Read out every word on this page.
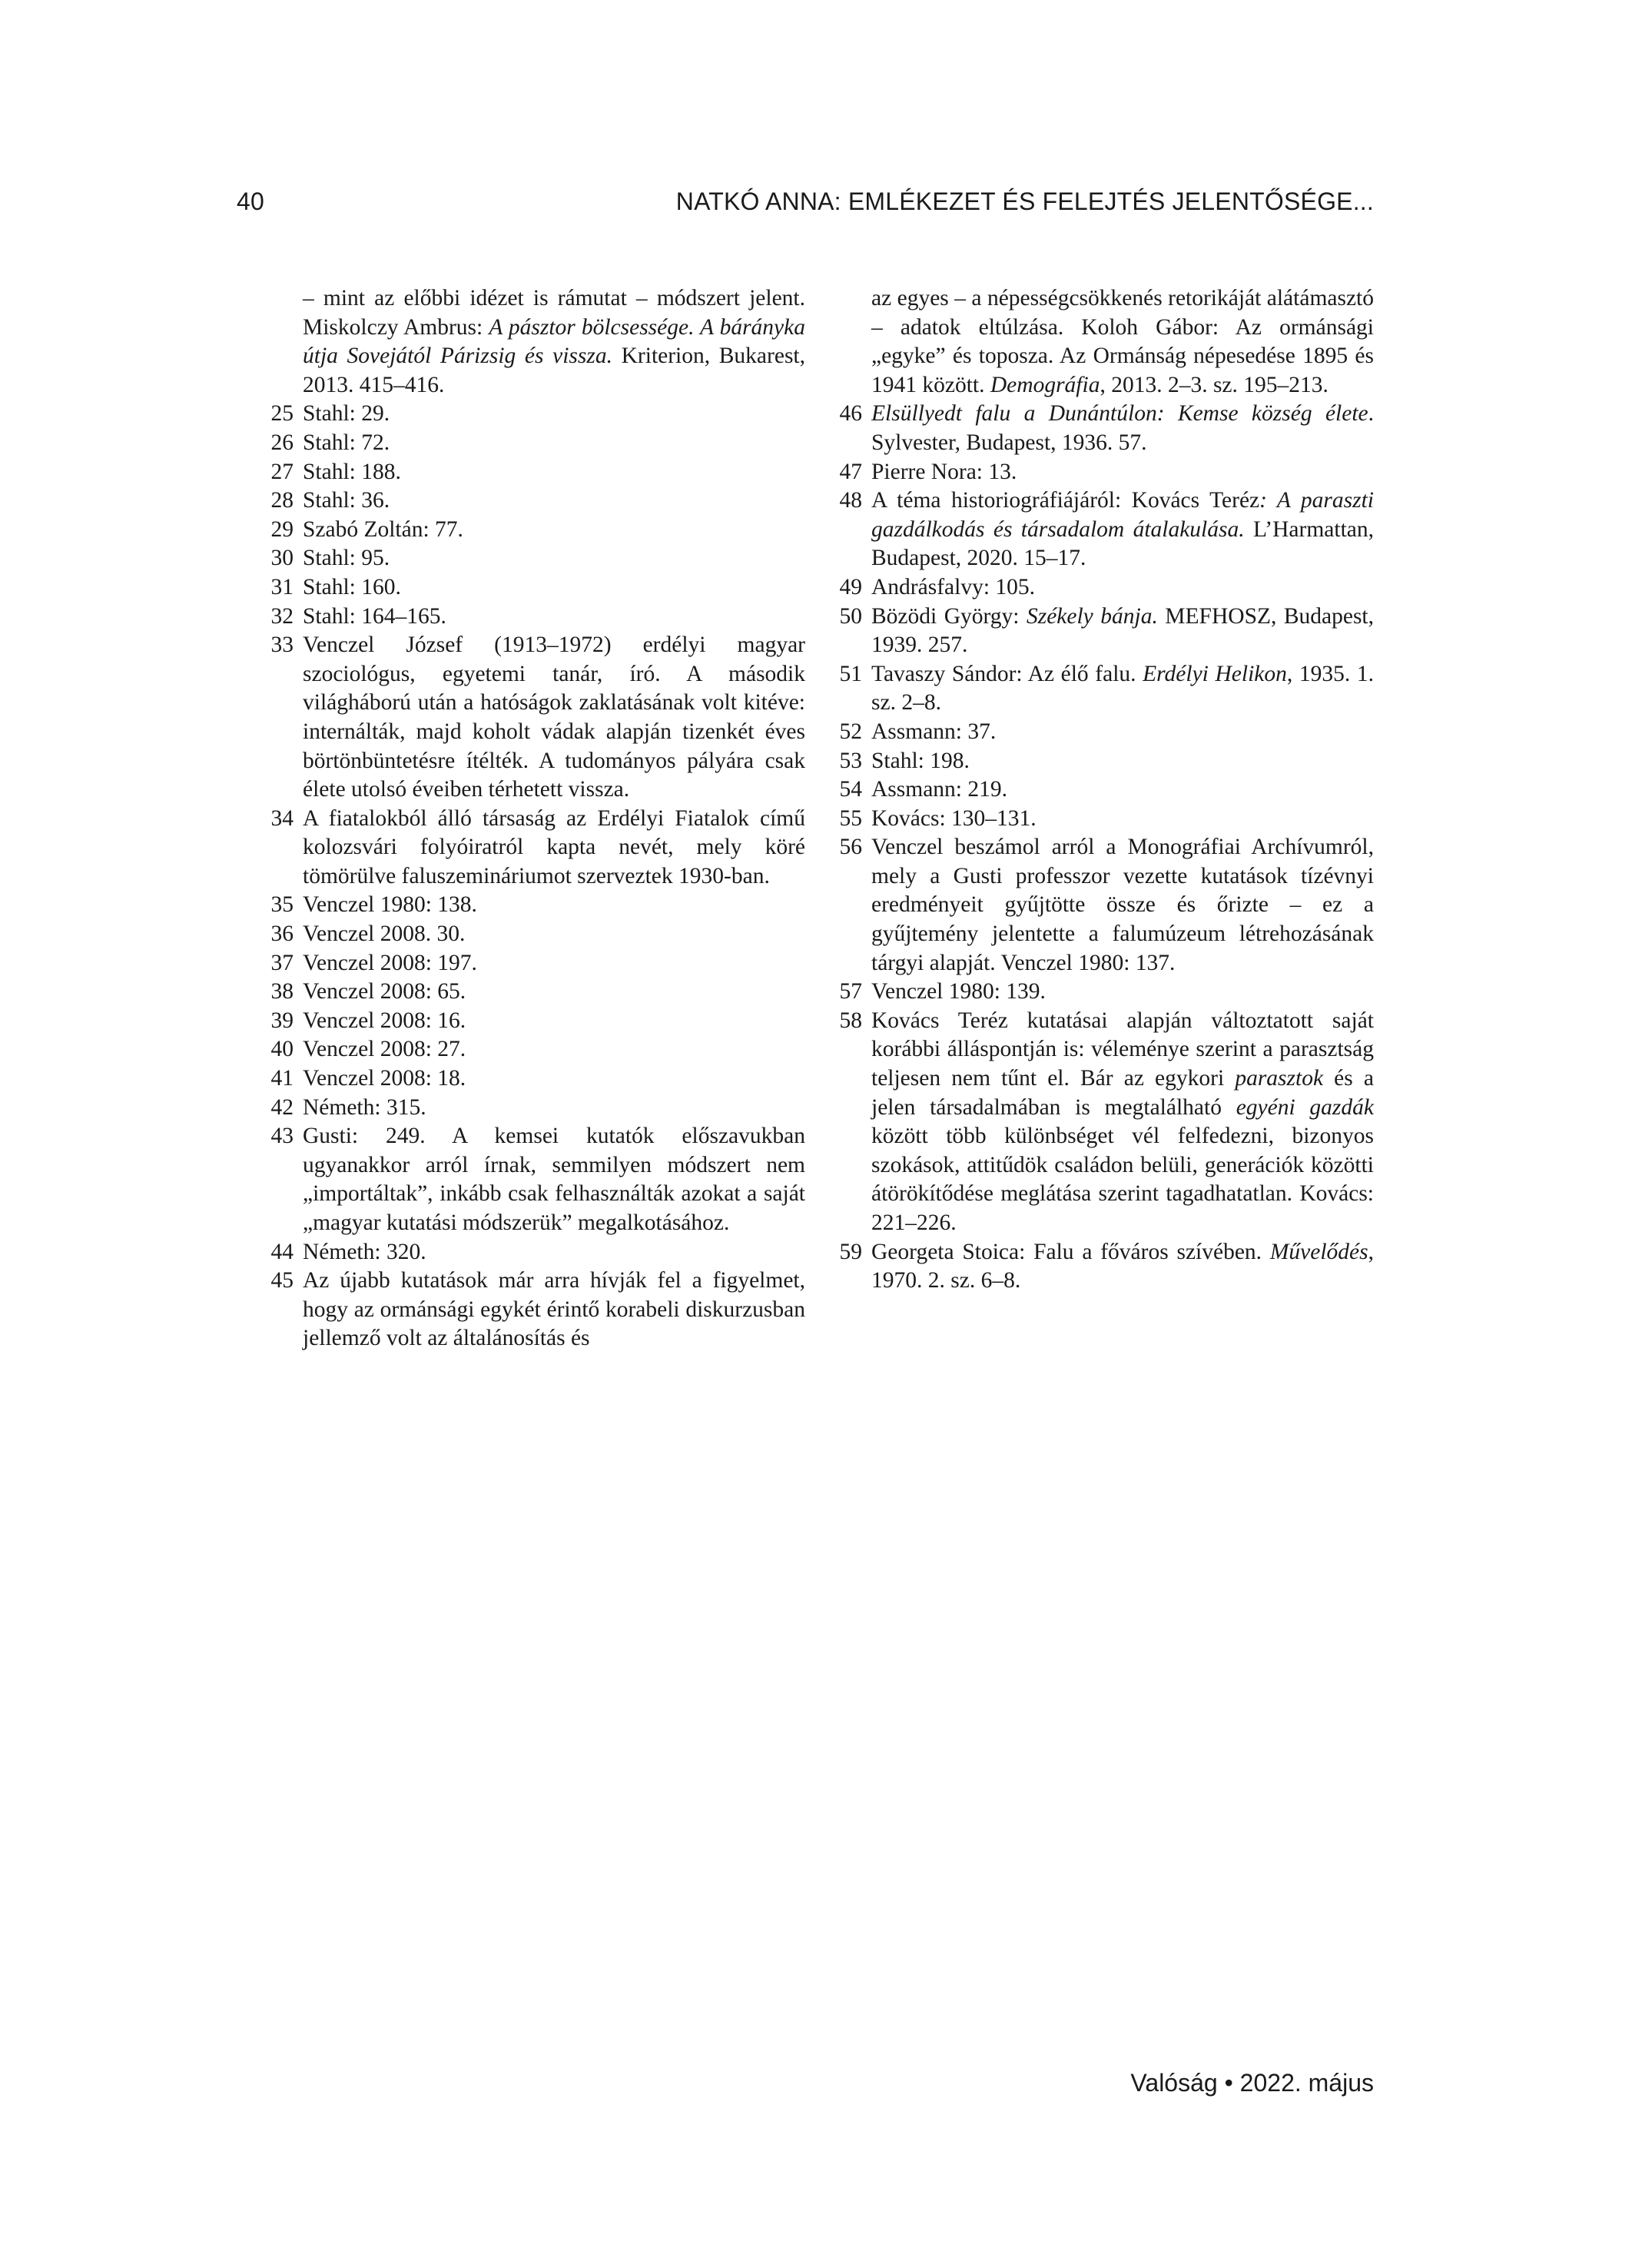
40	NATKÓ ANNA: EMLÉKEZET ÉS FELEJTÉS JELENTŐSÉGE...
– mint az előbbi idézet is rámutat – módszert jelent. Miskolczy Ambrus: A pásztor bölcsessége. A bárányka útja Sovejától Párizsig és vissza. Kriterion, Bukarest, 2013. 415–416.
25 Stahl: 29.
26 Stahl: 72.
27 Stahl: 188.
28 Stahl: 36.
29 Szabó Zoltán: 77.
30 Stahl: 95.
31 Stahl: 160.
32 Stahl: 164–165.
33 Venczel József (1913–1972) erdélyi magyar szociológus, egyetemi tanár, író. A második világháború után a hatóságok zaklatásának volt kitéve: internálták, majd koholt vádak alapján tizenkét éves börtönbüntetésre ítélték. A tudományos pályára csak élete utolsó éveiben térhetett vissza.
34 A fiatalokból álló társaság az Erdélyi Fiatalok című kolozsvári folyóiratról kapta nevét, mely köré tömörülve faluszemináriumot szerveztek 1930-ban.
35 Venczel 1980: 138.
36 Venczel 2008. 30.
37 Venczel 2008: 197.
38 Venczel 2008: 65.
39 Venczel 2008: 16.
40 Venczel 2008: 27.
41 Venczel 2008: 18.
42 Németh: 315.
43 Gusti: 249. A kemsei kutatók előszavukban ugyanakkor arról írnak, semmilyen módszert nem „importáltak”, inkább csak felhasználták azokat a saját „magyar kutatási módszerük” megalkotásához.
44 Németh: 320.
45 Az újabb kutatások már arra hívják fel a figyelmet, hogy az ormánsági egykét érintő korabeli diskurzusban jellemző volt az általánosítás és
az egyes – a népességcsökkenés retorikáját alátámasztó – adatok eltúlzása. Koloh Gábor: Az ormánsági „egyke” és toposza. Az Ormánság népesedése 1895 és 1941 között. Demográfia, 2013. 2–3. sz. 195–213.
46 Elsüllyedt falu a Dunántúlon: Kemse község élete. Sylvester, Budapest, 1936. 57.
47 Pierre Nora: 13.
48 A téma historiográfiájáról: Kovács Teréz: A paraszti gazdálkodás és társadalom átalakulása. L’Harmattan, Budapest, 2020. 15–17.
49 Andrásfalvy: 105.
50 Bözödi György: Székely bánja. MEFHOSZ, Budapest, 1939. 257.
51 Tavaszy Sándor: Az élő falu. Erdélyi Helikon, 1935. 1. sz. 2–8.
52 Assmann: 37.
53 Stahl: 198.
54 Assmann: 219.
55 Kovács: 130–131.
56 Venczel beszámol arról a Monográfiai Archívumról, mely a Gusti professzor vezette kutatások tízévnyi eredményeit gyűjtötte össze és őrizte – ez a gyűjtemény jelentette a falumúzeum létrehozásának tárgyi alapját. Venczel 1980: 137.
57 Venczel 1980: 139.
58 Kovács Teréz kutatásai alapján változtatott saját korábbi álláspontján is: véleménye szerint a parasztság teljesen nem tűnt el. Bár az egykori parasztok és a jelen társadalmában is megtalálható egyéni gazdák között több különbséget vél felfedezni, bizonyos szokások, attitűdök családon belüli, generációk közötti átörökítődése meglátása szerint tagadhatatlan. Kovács: 221–226.
59 Georgeta Stoica: Falu a főváros szívében. Művelődés, 1970. 2. sz. 6–8.
Valóság • 2022. május
